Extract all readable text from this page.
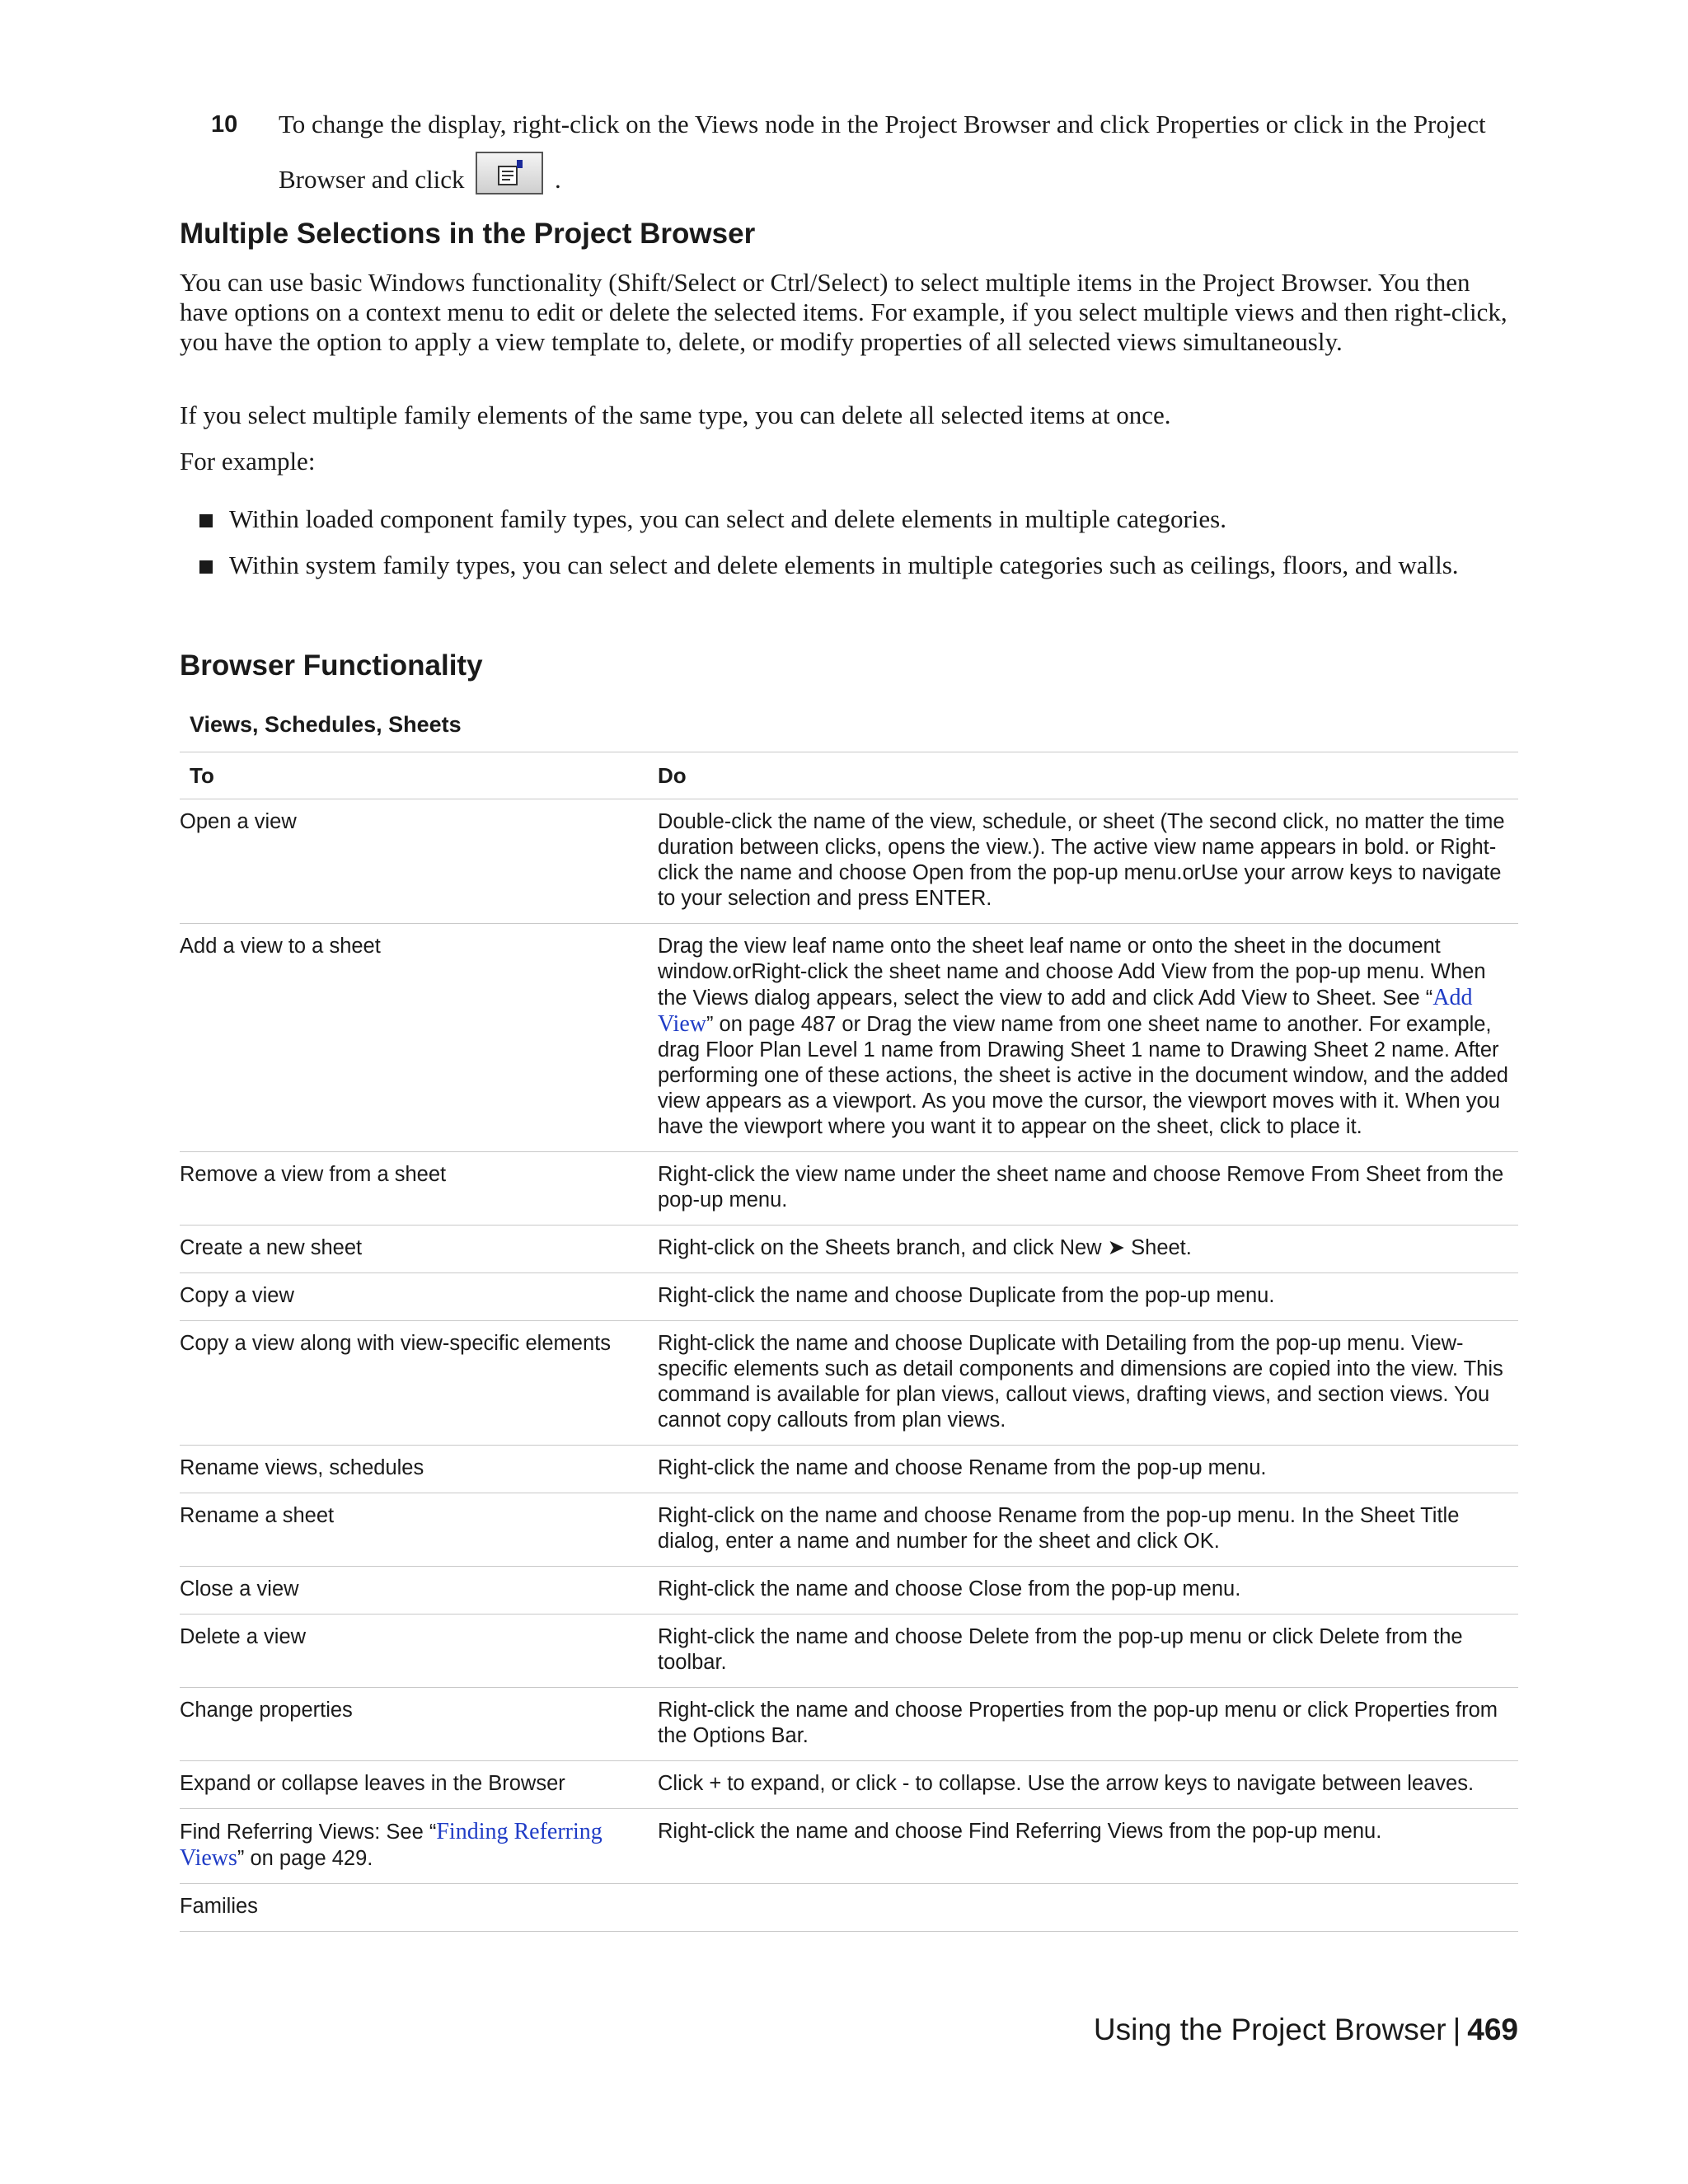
10 To change the display, right-click on the Views node in the Project Browser and click Properties or click in the Project Browser and click	.
Multiple Selections in the Project Browser

You can use basic Windows functionality (Shift/Select or Ctrl/Select) to select multiple items in the Project Browser. You then have options on a context menu to edit or delete the selected items. For example, if you select multiple views and then right-click, you have the option to apply a view template to, delete, or modify properties of all selected views simultaneously.

If you select multiple family elements of the same type, you can delete all selected items at once.

For example:

Within loaded component family types, you can select and delete elements in multiple categories.
Within system family types, you can select and delete elements in multiple categories such as ceilings, floors, and walls.
Browser Functionality

Views, Schedules, Sheets

To Do	

Open a view	Double-click the name of the view, schedule, or sheet (The second click, no matter the time duration between clicks, opens the view.). The active view name appears in bold. or Right-click the name and choose Open from the pop-up menu.orUse your arrow keys to navigate to your selection and press ENTER.
Add a view to a sheet	Drag the view leaf name onto the sheet leaf name or onto the sheet in the document window.orRight-click the sheet name and choose Add View from the pop-up menu. When the Views dialog appears, select the view to add and click Add View to Sheet. See “Add View” on page 487 or Drag the view name from one sheet name to another. For example, drag Floor Plan Level 1 name from Drawing Sheet 1 name to Drawing Sheet 2 name. After performing one of these actions, the sheet is active in the document window, and the added view appears as a viewport. As you move the cursor, the viewport moves with it. When you have the viewport where you want it to appear on the sheet, click to place it.
Remove a view from a sheet	Right-click the view name under the sheet name and choose Remove From Sheet from the pop-up menu.
Create a new sheet	Right-click on the Sheets branch, and click New ➤ Sheet.
Copy a view	Right-click the name and choose Duplicate from the pop-up menu.
Copy a view along with view-specific elements	Right-click the name and choose Duplicate with Detailing from the pop-up menu. View-specific elements such as detail components and dimensions are copied into the view. This command is available for plan views, callout views, drafting views, and section views. You cannot copy callouts from plan views.
Rename views, schedules	Right-click the name and choose Rename from the pop-up menu.
Rename a sheet	Right-click on the name and choose Rename from the pop-up menu. In the Sheet Title dialog, enter a name and number for the sheet and click OK.
Close a view	Right-click the name and choose Close from the pop-up menu.
Delete a view	Right-click the name and choose Delete from the pop-up menu or click Delete from the toolbar.
Change properties	Right-click the name and choose Properties from the pop-up menu or click Properties from the Options Bar.
Expand or collapse leaves in the Browser	Click + to expand, or click - to collapse. Use the arrow keys to navigate between leaves.
Find Referring Views: See “Finding Referring Views” on page 429.	Right-click the name and choose Find Referring Views from the pop-up menu.
Families	
Using the Project Browser | 469
